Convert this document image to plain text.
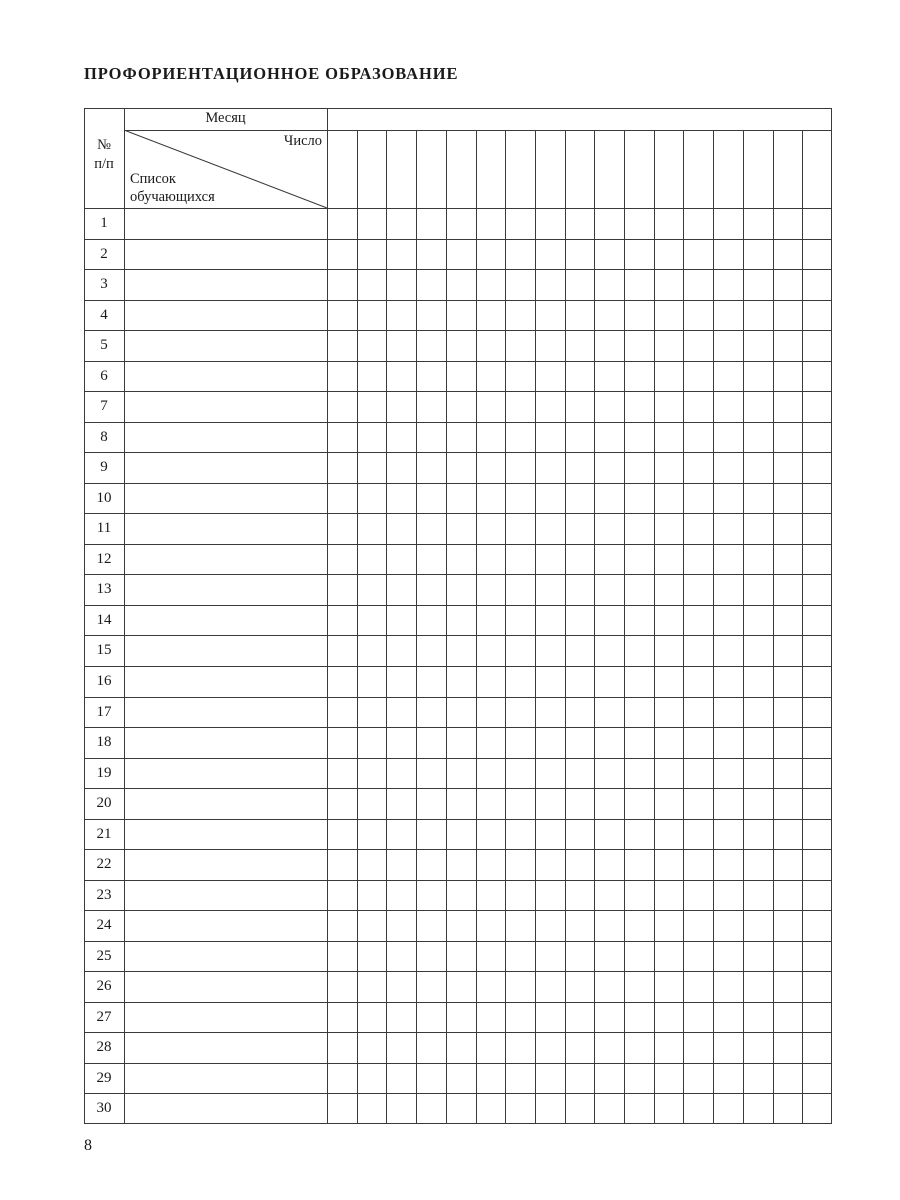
ПРОФОРИЕНТАЦИОННОЕ ОБРАЗОВАНИЕ
№
п/п
Месяц
Число
Список
обучающихся
1
2
3
4
5
6
7
8
9
10
11
12
13
14
15
16
17
18
19
20
21
22
23
24
25
26
27
28
29
30
8
